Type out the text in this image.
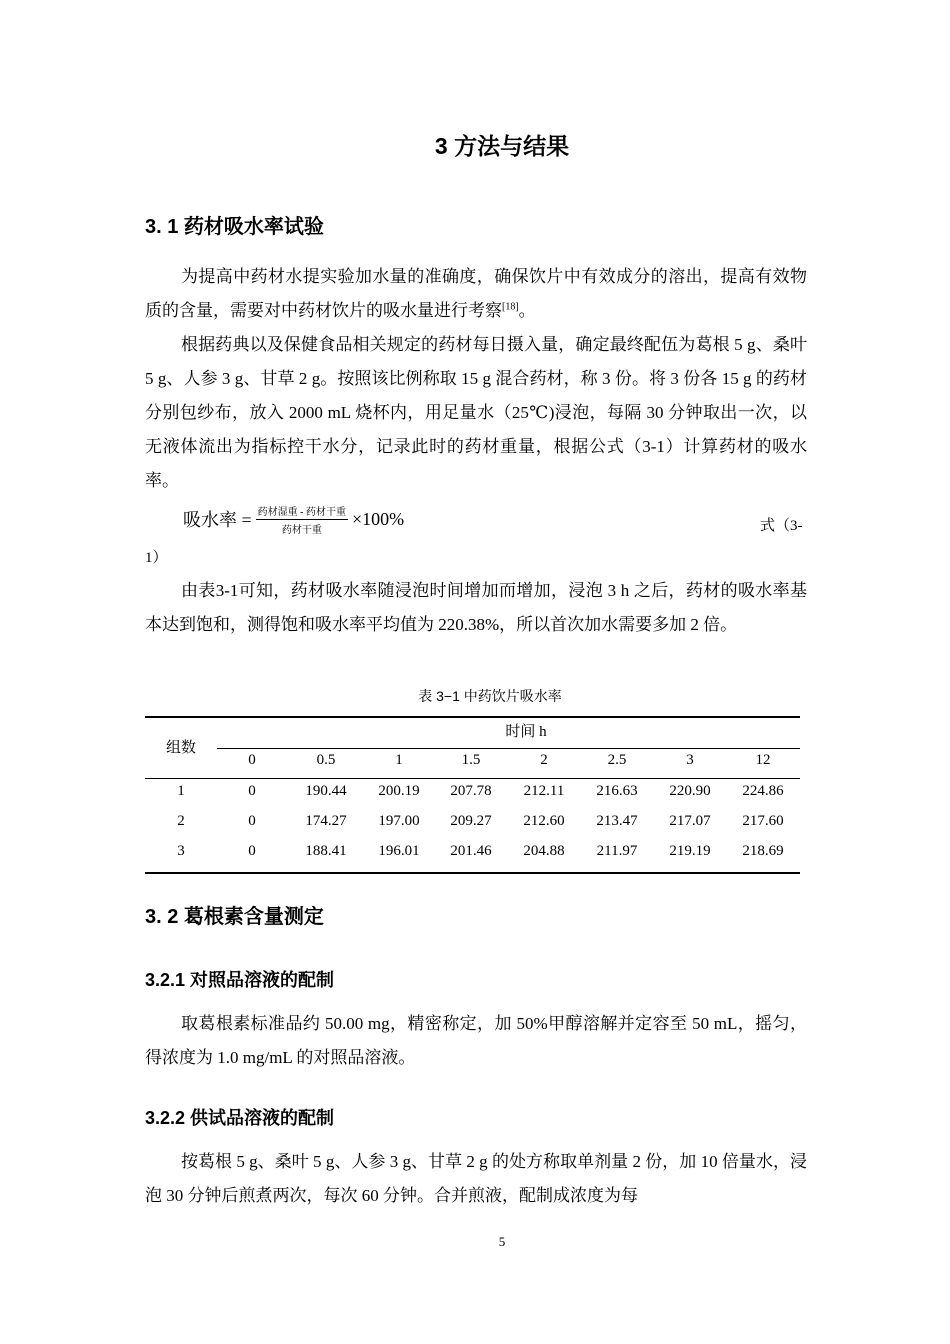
3 方法与结果
3. 1 药材吸水率试验

为提高中药材水提实验加水量的准确度，确保饮片中有效成分的溶出，提高有效物质的含量，需要对中药材饮片的吸水量进行考察[18]。

根据药典以及保健食品相关规定的药材每日摄入量，确定最终配伍为葛根 5 g、桑叶 5 g、人参 3 g、甘草 2 g。按照该比例称取 15 g 混合药材，称 3 份。将 3 份各 15 g 的药材分别包纱布，放入 2000 mL 烧杯内，用足量水（25℃)浸泡，每隔 30 分钟取出一次，以无液体流出为指标控干水分，记录此时的药材重量，根据公式（3-1）计算药材的吸水率。

吸水率 = $\frac{\text{药材湿重 - 药材干重}}{\text{药材干重}} \times 100\%$	式（3-
1）

由表3-1可知，药材吸水率随浸泡时间增加而增加，浸泡 3 h 之后，药材的吸水率基本达到饱和，测得饱和吸水率平均值为 220.38%，所以首次加水需要多加 2 倍。

表 3−1 中药饮片吸水率
组数
时间 h
0	0.5	1	1.5	2	2.5	3	12
1	0	190.44	200.19	207.78	212.11	216.63	220.90	224.86
2	0	174.27	197.00	209.27	212.60	213.47	217.07	217.60
3	0	188.41	196.01	201.46	204.88	211.97	219.19	218.69
3. 2 葛根素含量测定
3.2.1 对照品溶液的配制

取葛根素标准品约 50.00 mg，精密称定，加 50%甲醇溶解并定容至 50 mL，摇匀，得浓度为 1.0 mg/mL 的对照品溶液。

3.2.2 供试品溶液的配制

按葛根 5 g、桑叶 5 g、人参 3 g、甘草 2 g 的处方称取单剂量 2 份，加 10 倍量水，浸泡 30 分钟后煎煮两次，每次 60 分钟。合并煎液，配制成浓度为每

5
